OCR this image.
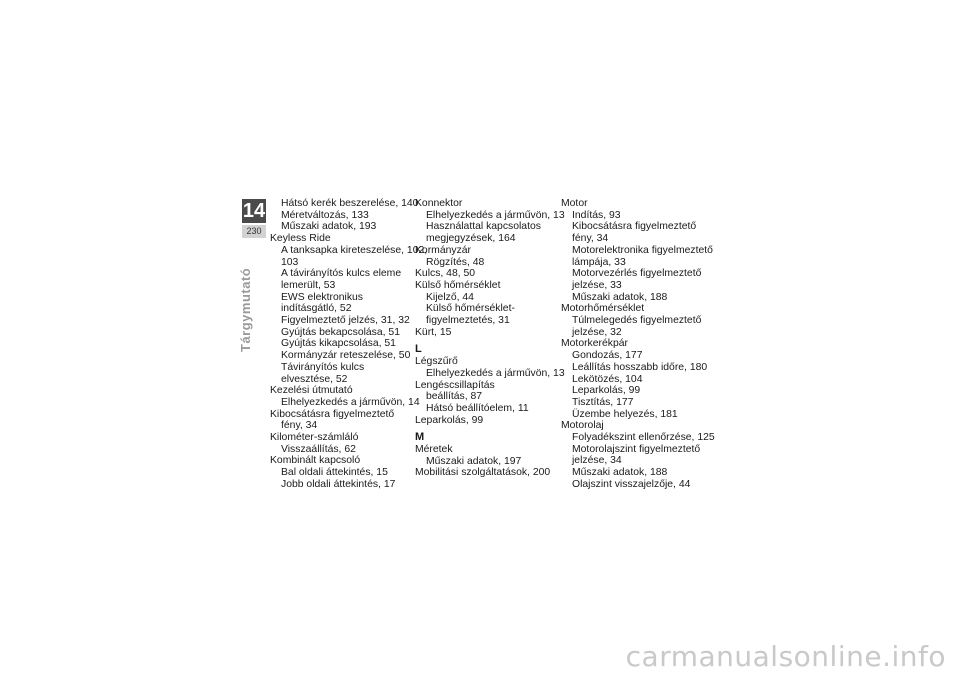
14
230
Tárgymutató
Hátsó kerék beszerelése, 140
Méretváltozás, 133
Műszaki adatok, 193
Keyless Ride
A tanksapka kireteszelése, 102,
103
A távirányítós kulcs eleme
lemerült, 53
EWS elektronikus
indításgátló, 52
Figyelmeztető jelzés, 31, 32
Gyújtás bekapcsolása, 51
Gyújtás kikapcsolása, 51
Kormányzár reteszelése, 50
Távirányítós kulcs
elvesztése, 52
Kezelési útmutató
Elhelyezkedés a járművön, 14
Kibocsátásra figyelmeztető
fény, 34
Kilométer-számláló
Visszaállítás, 62
Kombinált kapcsoló
Bal oldali áttekintés, 15
Jobb oldali áttekintés, 17
Konnektor
Elhelyezkedés a járművön, 13
Használattal kapcsolatos
megjegyzések, 164
Kormányzár
Rögzítés, 48
Kulcs, 48, 50
Külső hőmérséklet
Kijelző, 44
Külső hőmérséklet-
figyelmeztetés, 31
Kürt, 15
L
Légszűrő
Elhelyezkedés a járművön, 13
Lengéscsillapítás
beállítás, 87
Hátsó beállítóelem, 11
Leparkolás, 99
M
Méretek
Műszaki adatok, 197
Mobilitási szolgáltatások, 200
Motor
Indítás, 93
Kibocsátásra figyelmeztető
fény, 34
Motorelektronika figyelmeztető
lámpája, 33
Motorvezérlés figyelmeztető
jelzése, 33
Műszaki adatok, 188
Motorhőmérséklet
Túlmelegedés figyelmeztető
jelzése, 32
Motorkerékpár
Gondozás, 177
Leállítás hosszabb időre, 180
Lekötözés, 104
Leparkolás, 99
Tisztítás, 177
Üzembe helyezés, 181
Motorolaj
Folyadékszint ellenőrzése, 125
Motorolajszint figyelmeztető
jelzése, 34
Műszaki adatok, 188
Olajszint visszajelzője, 44
carmanualsonline.info
